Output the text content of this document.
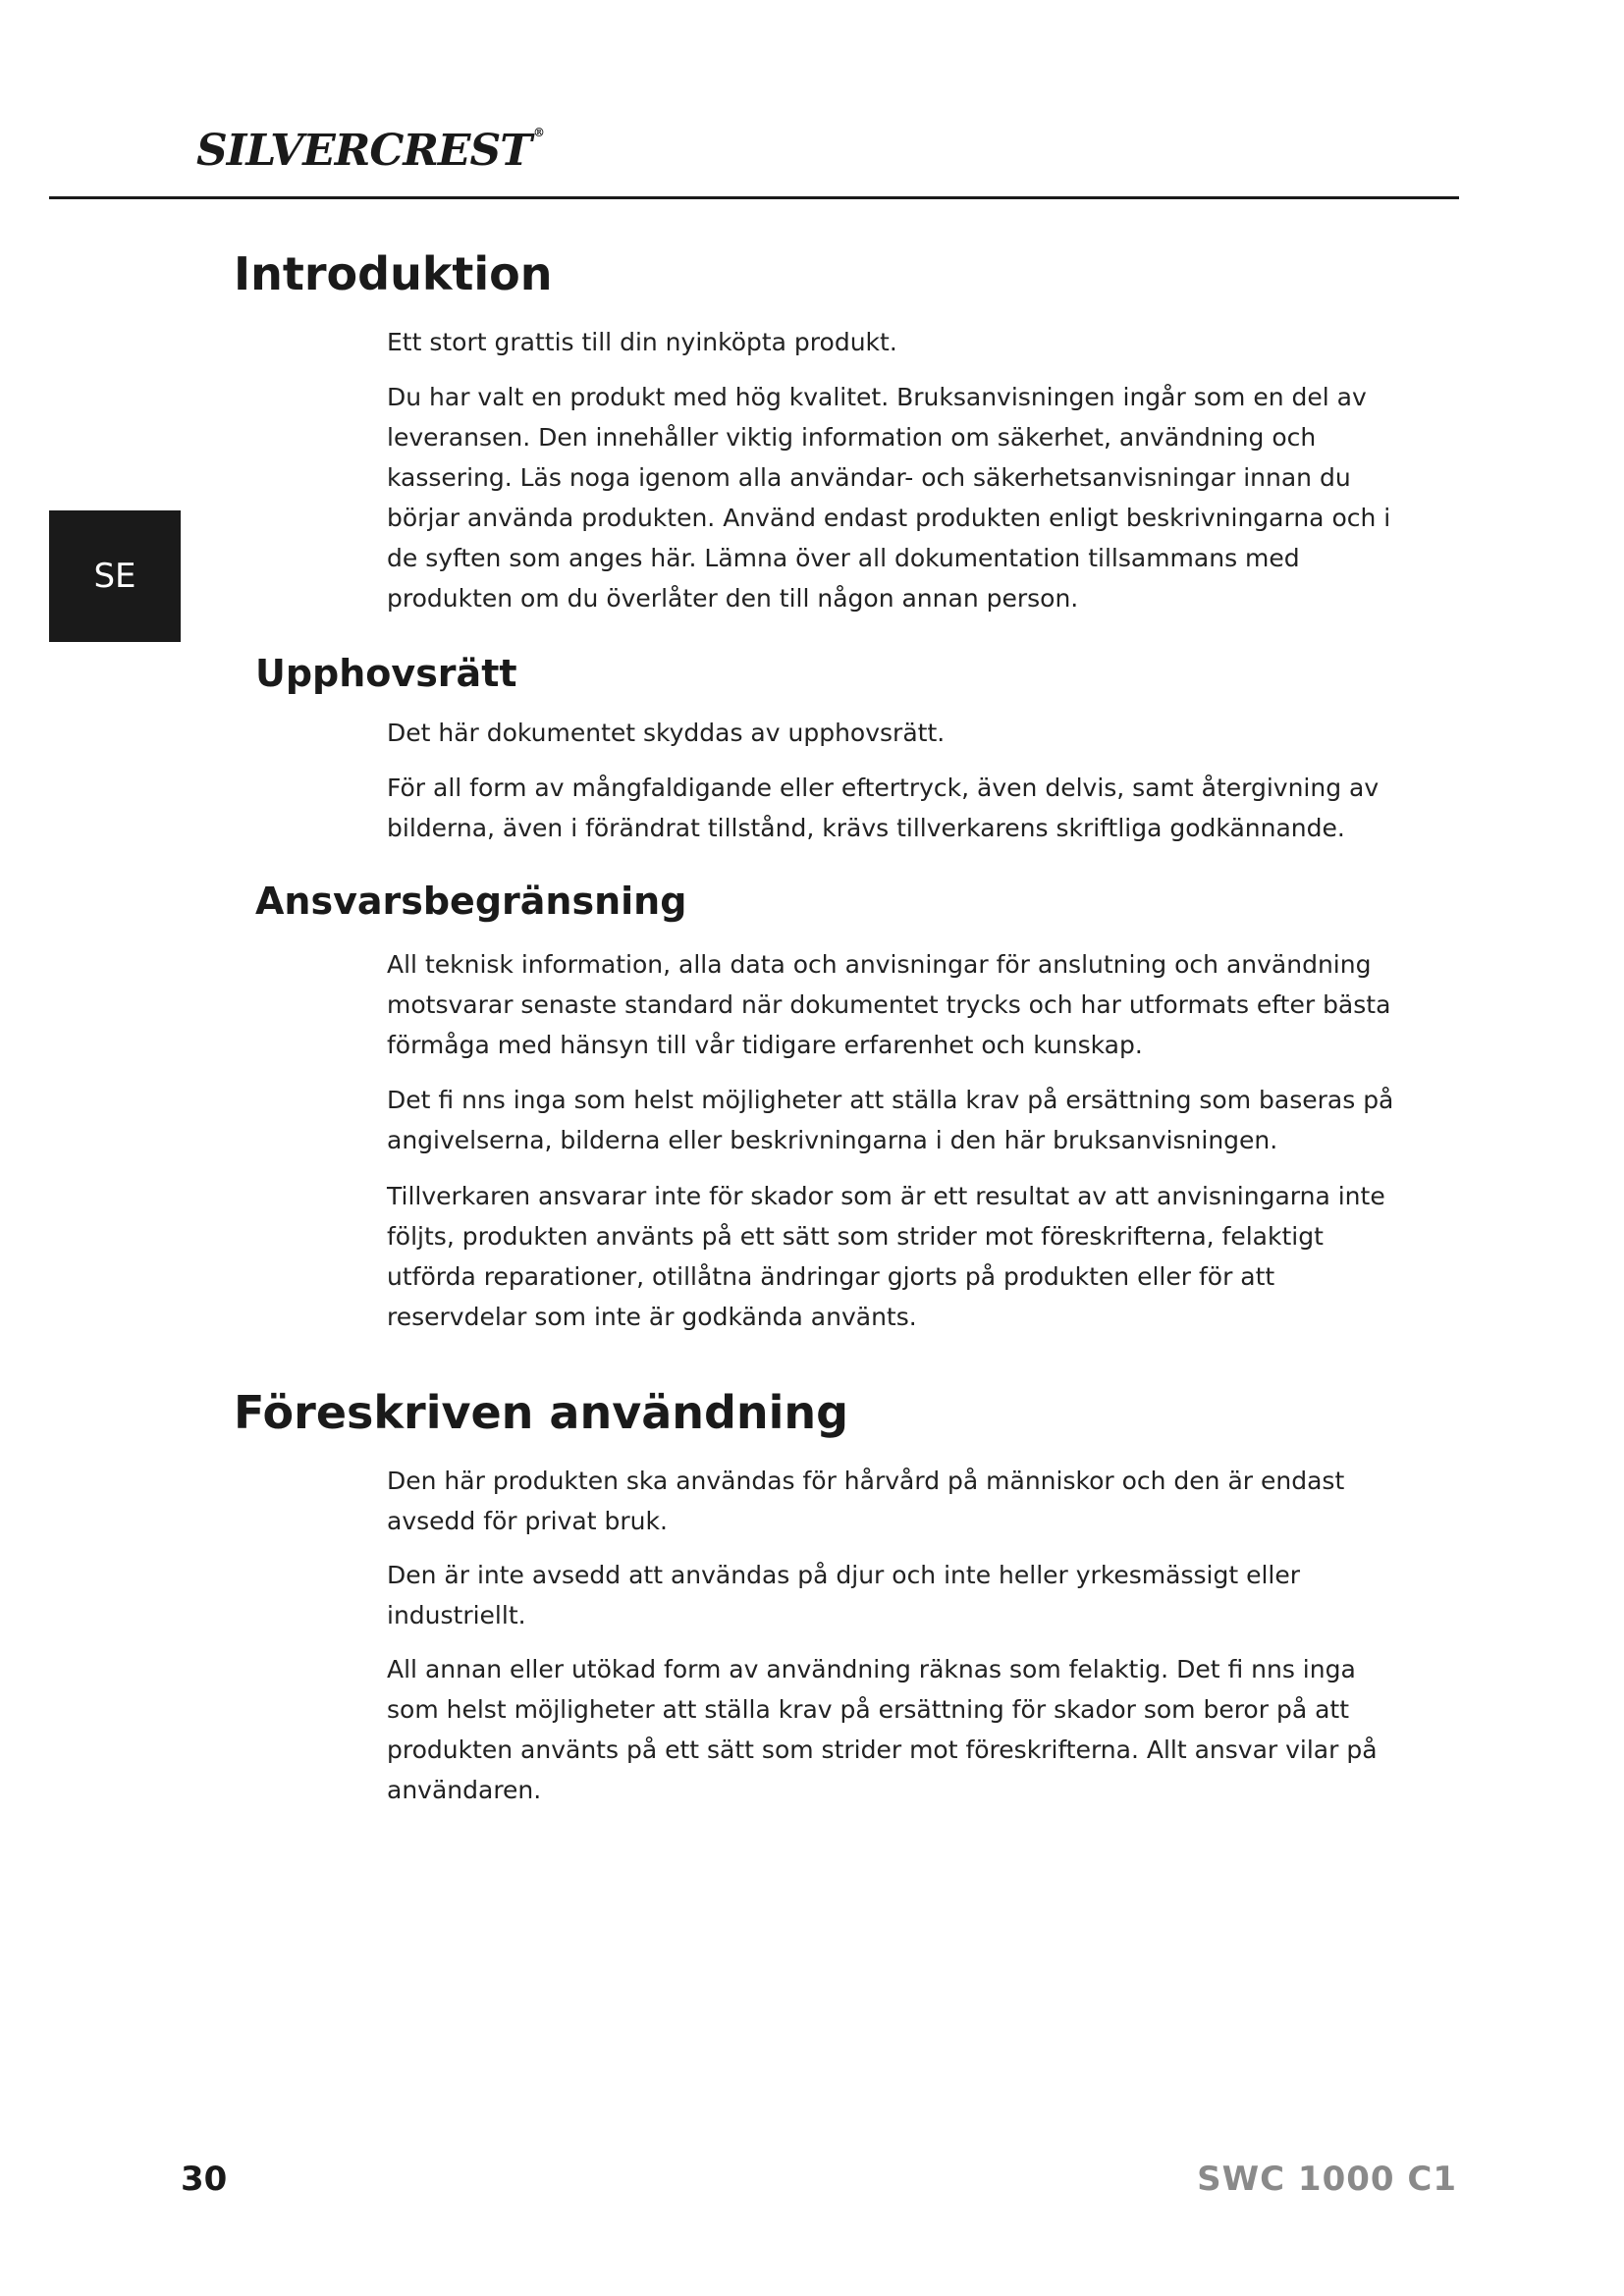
SILVERCREST ®
SE
Introduktion

Ett stort grattis till din nyinköpta produkt.

Du har valt en produkt med hög kvalitet. Bruksanvisningen ingår som en del av leveransen. Den innehåller viktig information om säkerhet, användning och kassering. Läs noga igenom alla användar- och säkerhetsanvisningar innan du börjar använda produkten. Använd endast produkten enligt beskrivningarna och i de syften som anges här. Lämna över all dokumentation tillsammans med produkten om du överlåter den till någon annan person.

Upphovsrätt

Det här dokumentet skyddas av upphovsrätt.

För all form av mångfaldigande eller eftertryck, även delvis, samt återgivning av bilderna, även i förändrat tillstånd, krävs tillverkarens skriftliga godkännande.

Ansvarsbegränsning

All teknisk information, alla data och anvisningar för anslutning och användning motsvarar senaste standard när dokumentet trycks och har utformats efter bästa förmåga med hänsyn till vår tidigare erfarenhet och kunskap.

Det fi nns inga som helst möjligheter att ställa krav på ersättning som baseras på angivelserna, bilderna eller beskrivningarna i den här bruksanvisningen.

Tillverkaren ansvarar inte för skador som är ett resultat av att anvisningarna inte följts, produkten använts på ett sätt som strider mot föreskrifterna, felaktigt utförda reparationer, otillåtna ändringar gjorts på produkten eller för att reservdelar som inte är godkända använts.

Föreskriven användning

Den här produkten ska användas för hårvård på människor och den är endast avsedd för privat bruk.

Den är inte avsedd att användas på djur och inte heller yrkesmässigt eller industriellt.

All annan eller utökad form av användning räknas som felaktig. Det fi nns inga som helst möjligheter att ställa krav på ersättning för skador som beror på att produkten använts på ett sätt som strider mot föreskrifterna. Allt ansvar vilar på användaren.

30	SWC 1000 C1
